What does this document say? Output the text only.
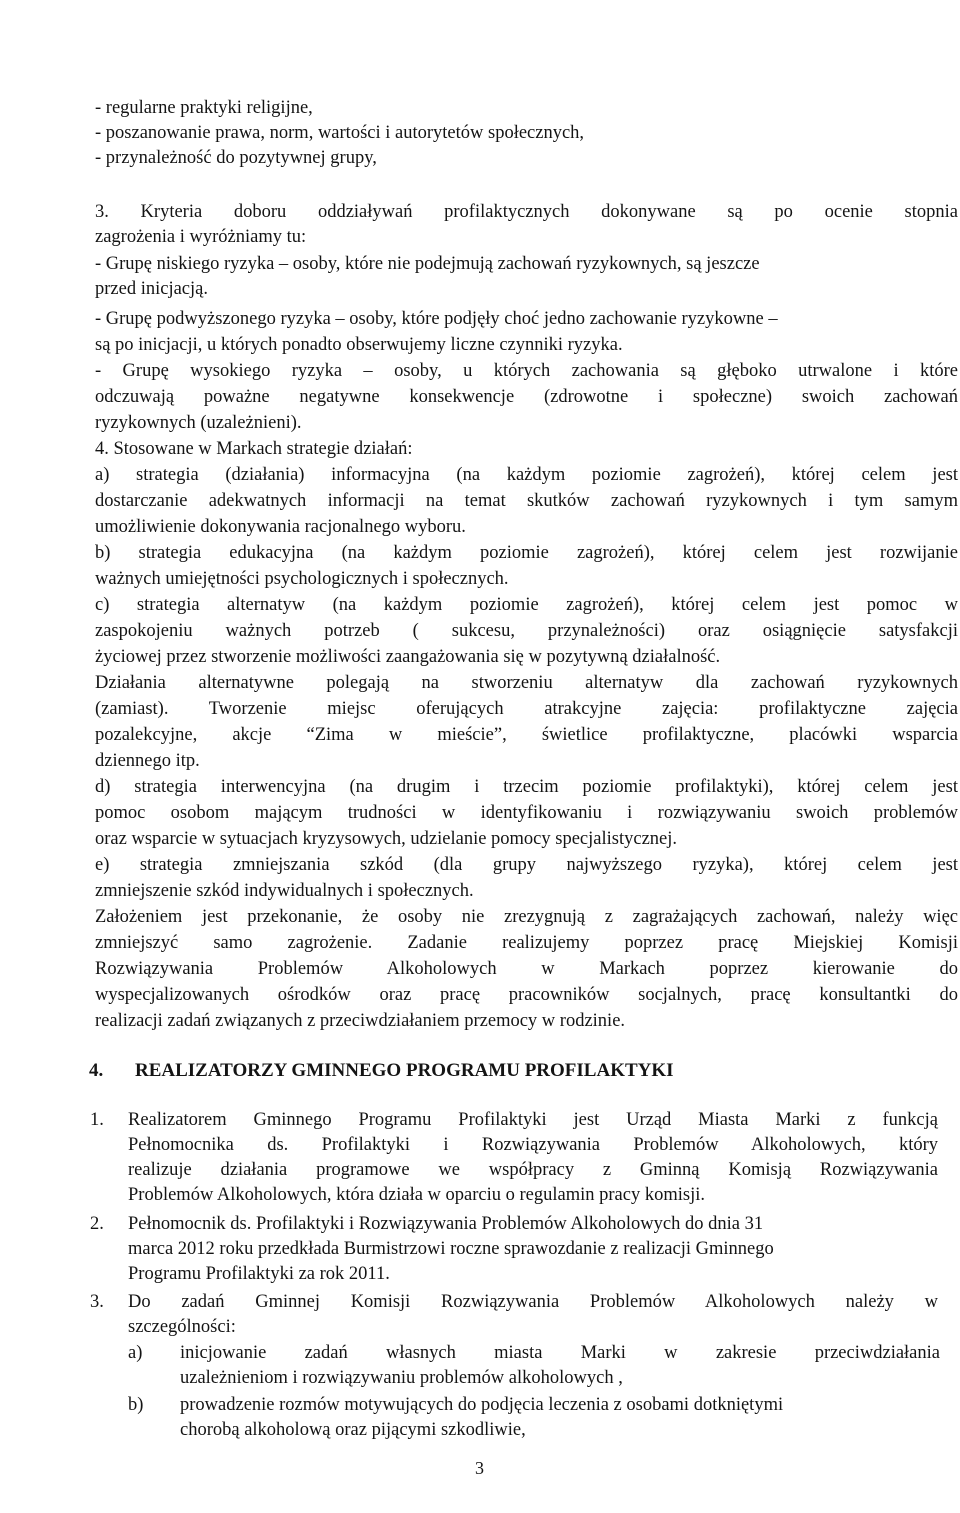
- regularne praktyki religijne,
- poszanowanie prawa, norm, wartości i autorytetów społecznych,
- przynależność do pozytywnej grupy,
3. Kryteria doboru oddziaływań profilaktycznych dokonywane są po ocenie stopnia
zagrożenia i wyróżniamy tu:
- Grupę niskiego ryzyka – osoby, które nie podejmują zachowań ryzykownych, są jeszcze
przed inicjacją.
- Grupę podwyższonego ryzyka – osoby, które podjęły choć jedno zachowanie ryzykowne –
są po inicjacji, u których ponadto obserwujemy liczne czynniki ryzyka.
- Grupę wysokiego ryzyka – osoby, u których zachowania są głęboko utrwalone i które
odczuwają poważne negatywne konsekwencje (zdrowotne i społeczne) swoich zachowań
ryzykownych (uzależnieni).
4. Stosowane w Markach strategie działań:
a) strategia (działania) informacyjna (na każdym poziomie zagrożeń), której celem jest
dostarczanie adekwatnych informacji na temat skutków zachowań ryzykownych i tym samym
umożliwienie dokonywania racjonalnego wyboru.
b) strategia edukacyjna (na każdym poziomie zagrożeń), której celem jest rozwijanie
ważnych umiejętności psychologicznych i społecznych.
c) strategia alternatyw (na każdym poziomie zagrożeń), której celem jest pomoc w
zaspokojeniu ważnych potrzeb ( sukcesu, przynależności) oraz osiągnięcie satysfakcji
życiowej przez stworzenie możliwości zaangażowania się w pozytywną działalność.
Działania alternatywne polegają na stworzeniu alternatyw dla zachowań ryzykownych
(zamiast). Tworzenie miejsc oferujących atrakcyjne zajęcia: profilaktyczne zajęcia
pozalekcyjne, akcje “Zima w mieście”, świetlice profilaktyczne, placówki wsparcia
dziennego itp.
d) strategia interwencyjna (na drugim i trzecim poziomie profilaktyki), której celem jest
pomoc osobom mającym trudności w identyfikowaniu i rozwiązywaniu swoich problemów
oraz wsparcie w sytuacjach kryzysowych, udzielanie pomocy specjalistycznej.
e) strategia zmniejszania szkód (dla grupy najwyższego ryzyka), której celem jest
zmniejszenie szkód indywidualnych i społecznych.
Założeniem jest przekonanie, że osoby nie zrezygnują z zagrażających zachowań, należy więc
zmniejszyć samo zagrożenie. Zadanie realizujemy poprzez pracę Miejskiej Komisji
Rozwiązywania Problemów Alkoholowych w Markach poprzez kierowanie do
wyspecjalizowanych ośrodków oraz pracę pracowników socjalnych, pracę konsultantki do
realizacji zadań związanych z przeciwdziałaniem przemocy w rodzinie.
4. REALIZATORZY GMINNEGO PROGRAMU PROFILAKTYKI
1. Realizatorem Gminnego Programu Profilaktyki jest Urząd Miasta Marki z funkcją
Pełnomocnika ds. Profilaktyki i Rozwiązywania Problemów Alkoholowych, który
realizuje działania programowe we współpracy z Gminną Komisją Rozwiązywania
Problemów Alkoholowych, która działa w oparciu o regulamin pracy komisji.
2. Pełnomocnik ds. Profilaktyki i Rozwiązywania Problemów Alkoholowych do dnia 31
marca 2012 roku przedkłada Burmistrzowi roczne sprawozdanie z realizacji Gminnego
Programu Profilaktyki za rok 2011.
3. Do zadań Gminnej Komisji Rozwiązywania Problemów Alkoholowych należy w
szczególności:
a) inicjowanie zadań własnych miasta Marki w zakresie przeciwdziałania
uzależnieniom i rozwiązywaniu problemów alkoholowych ,
b) prowadzenie rozmów motywujących do podjęcia leczenia z osobami dotkniętymi
chorobą alkoholową oraz pijącymi szkodliwie,
3
